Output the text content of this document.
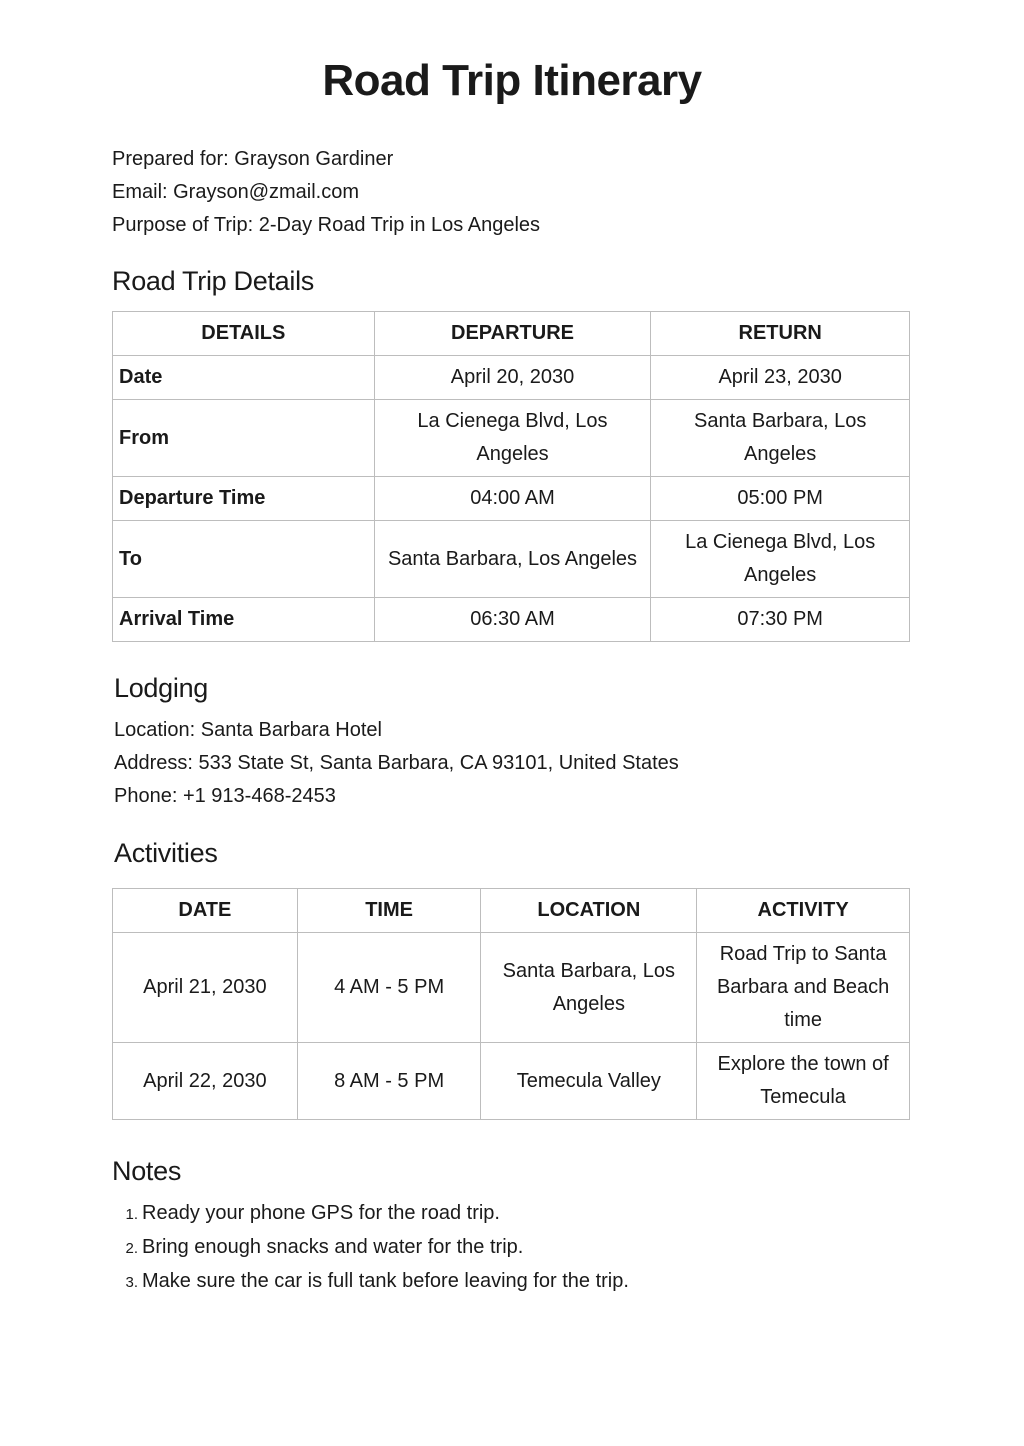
Road Trip Itinerary
Prepared for: Grayson Gardiner
Email: Grayson@zmail.com
Purpose of Trip: 2-Day Road Trip in Los Angeles
Road Trip Details
DETAILS	DEPARTURE	RETURN
Date	April 20, 2030	April 23, 2030
From	La Cienega Blvd, Los Angeles	Santa Barbara, Los Angeles
Departure Time	04:00 AM	05:00 PM
To	Santa Barbara, Los Angeles	La Cienega Blvd, Los Angeles
Arrival Time	06:30 AM	07:30 PM
Lodging
Location: Santa Barbara Hotel
Address: 533 State St, Santa Barbara, CA 93101, United States
Phone: +1 913-468-2453
Activities
DATE	TIME	LOCATION	ACTIVITY
April 21, 2030	4 AM - 5 PM	Santa Barbara, Los Angeles	Road Trip to Santa Barbara and Beach time
April 22, 2030	8 AM - 5 PM	Temecula Valley	Explore the town of Temecula
Notes
1. Ready your phone GPS for the road trip.
2. Bring enough snacks and water for the trip.
3. Make sure the car is full tank before leaving for the trip.
